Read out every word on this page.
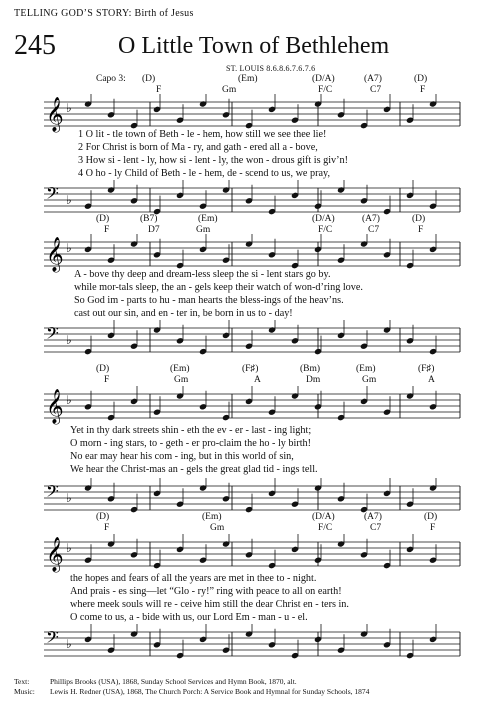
TELLING GOD’S STORY: Birth of Jesus
245	O Little Town of Bethlehem
ST. LOUIS 8.6.8.6.7.6.7.6
Capo 3: (D)	(Em)	(D/A)	(A7)	(D)
F	Gm	F/C	C7	F
𝄞 ♭
1 O lit - tle town of Beth - le - hem, how still we see thee lie!
2 For Christ is born of Ma - ry, and gath - ered all a - bove,
3 How si - lent - ly, how si - lent - ly, the won - drous gift is giv’n!
4 O ho - ly Child of Beth - le - hem, de - scend to us, we pray,
𝄢 ♭
(D)	(B7)	(Em)	(D/A)	(A7)	(D)
F	D7	Gm	F/C	C7	F
𝄞 ♭
A - bove thy deep and dream-less sleep the si - lent stars go by.
while mor-tals sleep, the an - gels keep their watch of won-d’ring love.
So God im - parts to hu - man hearts the bless-ings of the heav’ns.
cast out our sin, and en - ter in, be born in us to - day!
𝄢 ♭
(D)	(Em)	(F♯)	(Bm)	(Em)	(F♯)
F	Gm	A	Dm	Gm	A
𝄞 ♭
Yet in thy dark streets shin - eth the ev - er - last - ing light;
O morn - ing stars, to - geth - er pro-claim the ho - ly birth!
No ear may hear his com - ing, but in this world of sin,
We hear the Christ-mas an - gels the great glad tid - ings tell.
𝄢 ♭
(D)	(Em)	(D/A)	(A7)	(D)
F	Gm	F/C	C7	F
𝄞 ♭
the hopes and fears of all the years are met in thee to - night.
And prais - es sing—let “Glo - ry!” ring with peace to all on earth!
where meek souls will re - ceive him still the dear Christ en - ters in.
O come to us, a - bide with us, our Lord Em - man - u - el.
𝄢 ♭
Text:	Phillips Brooks (USA), 1868, Sunday School Services and Hymn Book, 1870, alt.
Music: Lewis H. Redner (USA), 1868, The Church Porch: A Service Book and Hymnal for Sunday Schools, 1874
